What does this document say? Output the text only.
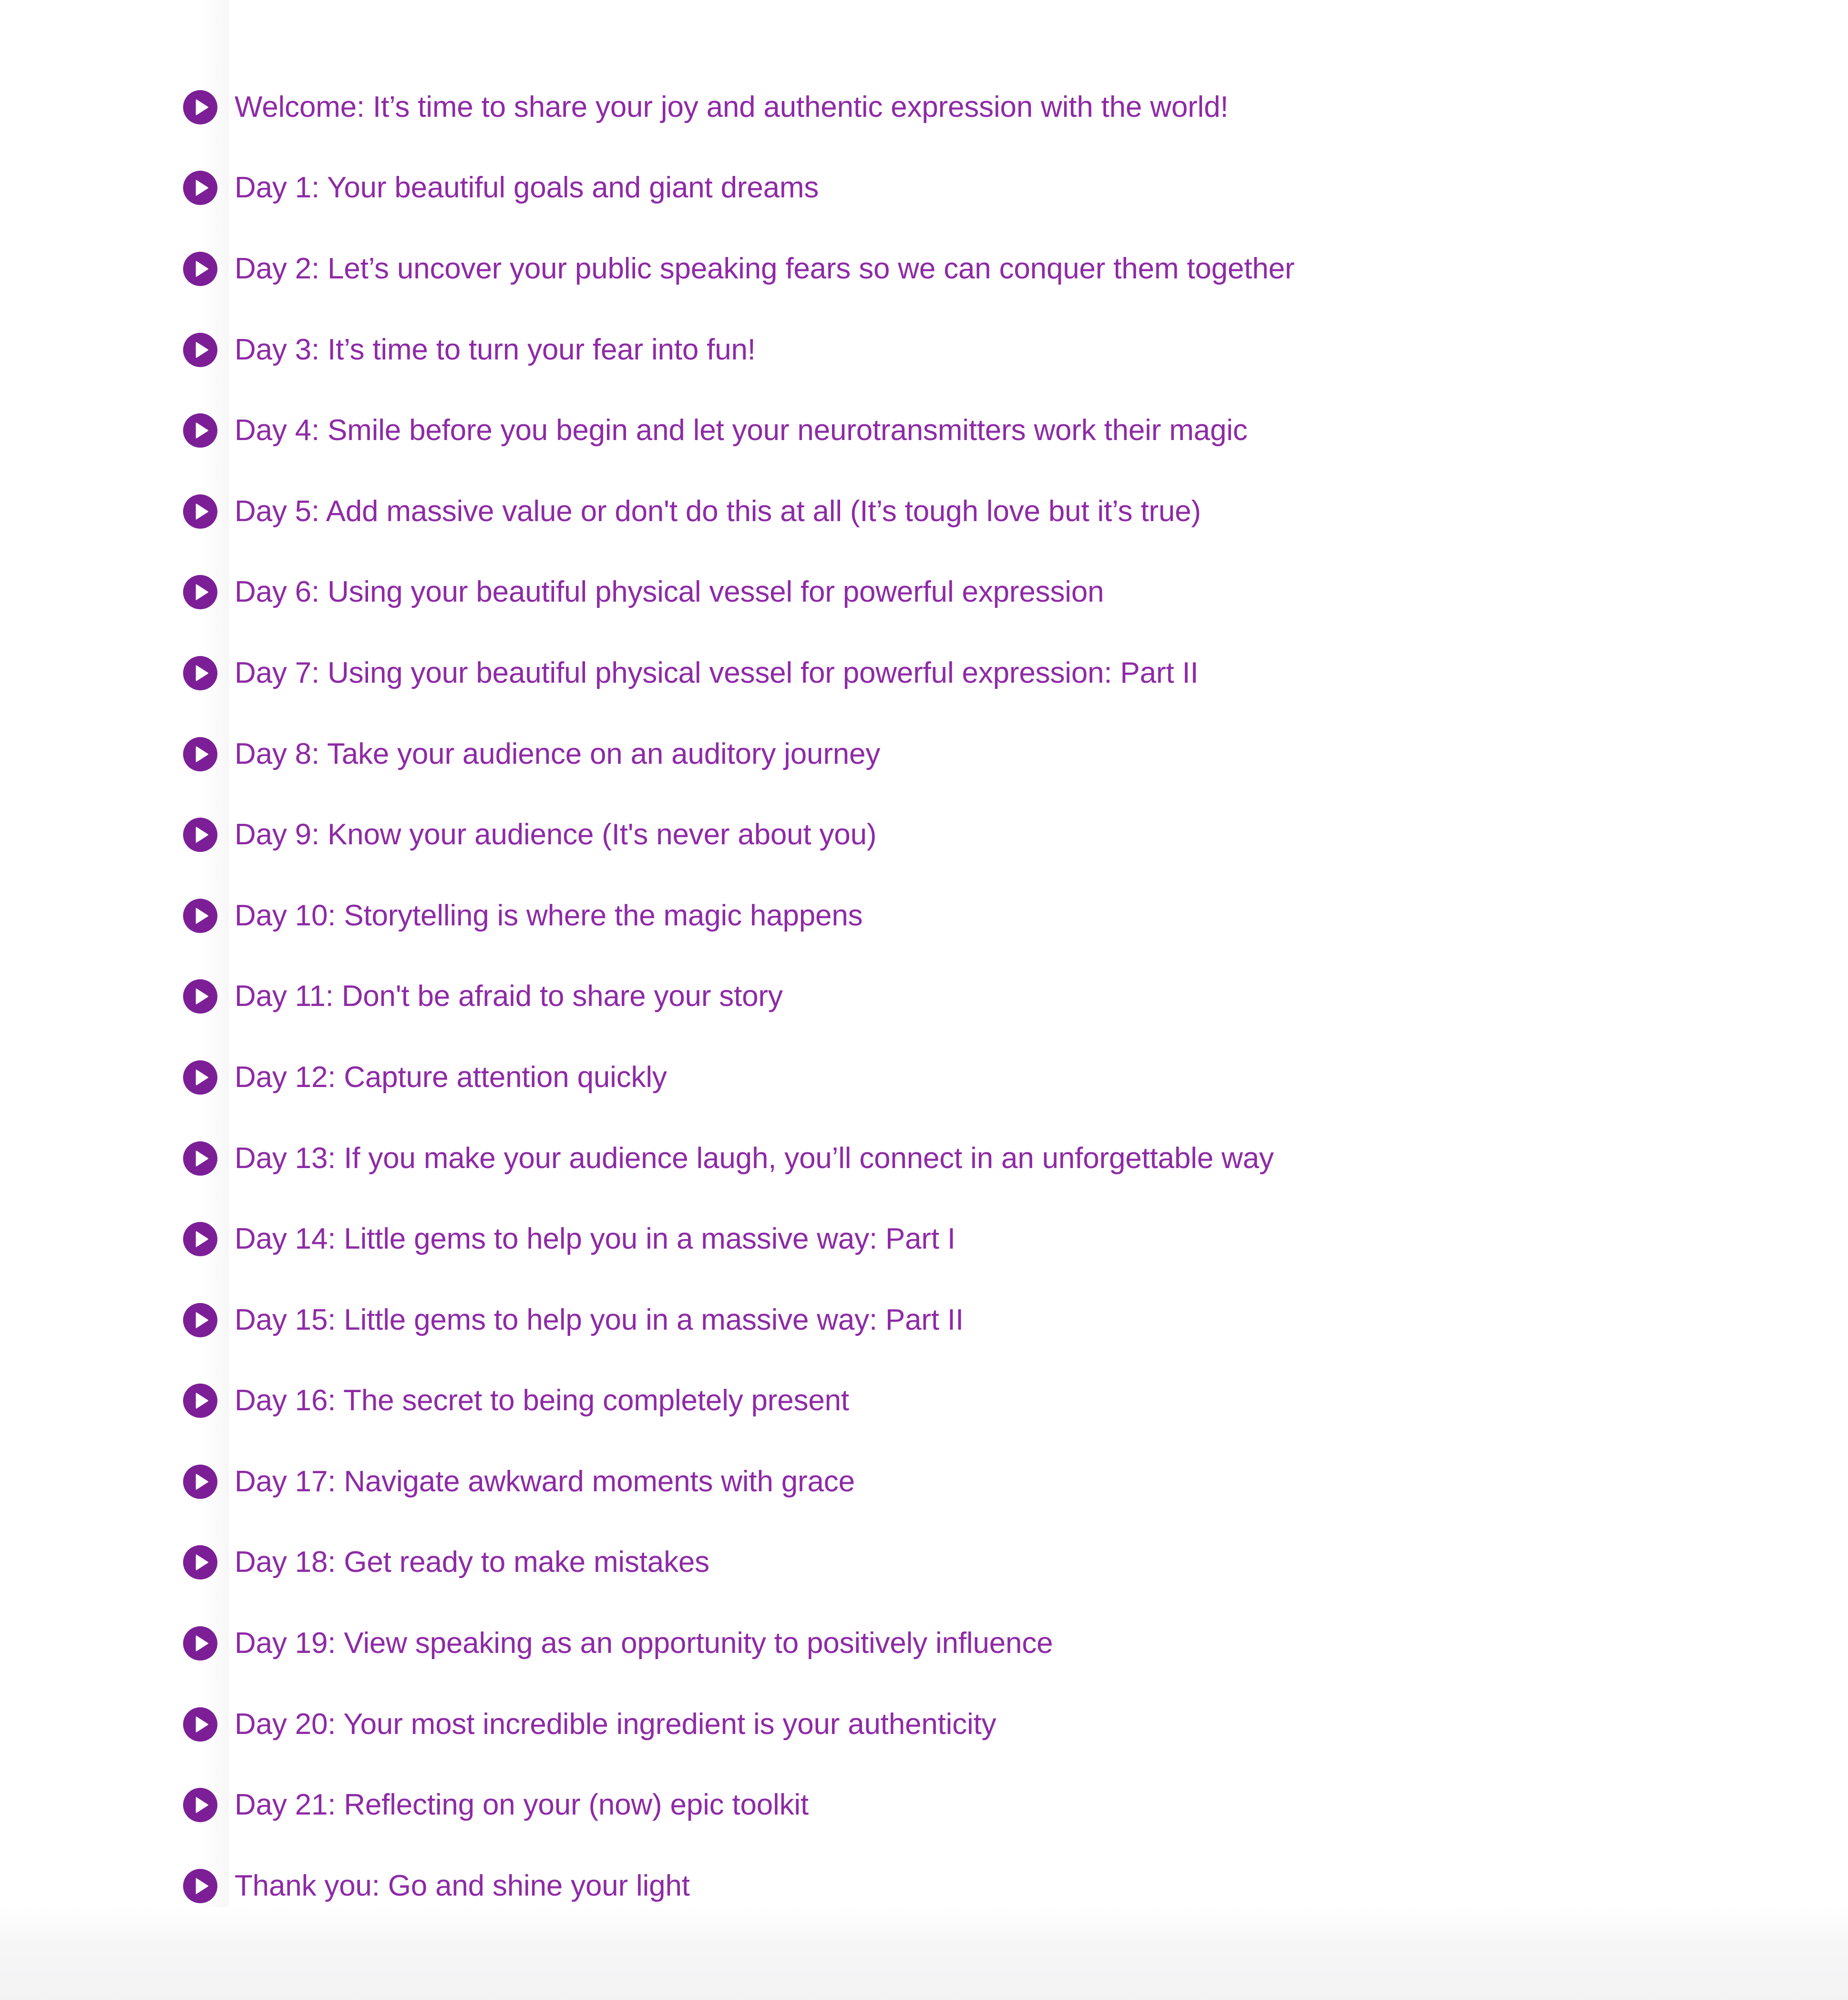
Welcome: It’s time to share your joy and authentic expression with the world!
Day 1: Your beautiful goals and giant dreams
Day 2: Let’s uncover your public speaking fears so we can conquer them together
Day 3: It’s time to turn your fear into fun!
Day 4: Smile before you begin and let your neurotransmitters work their magic
Day 5: Add massive value or don't do this at all (It’s tough love but it’s true)
Day 6: Using your beautiful physical vessel for powerful expression
Day 7: Using your beautiful physical vessel for powerful expression: Part II
Day 8: Take your audience on an auditory journey
Day 9: Know your audience (It's never about you)
Day 10: Storytelling is where the magic happens
Day 11: Don't be afraid to share your story
Day 12: Capture attention quickly
Day 13: If you make your audience laugh, you’ll connect in an unforgettable way
Day 14: Little gems to help you in a massive way: Part I
Day 15: Little gems to help you in a massive way: Part II
Day 16: The secret to being completely present
Day 17: Navigate awkward moments with grace
Day 18: Get ready to make mistakes
Day 19: View speaking as an opportunity to positively influence
Day 20: Your most incredible ingredient is your authenticity
Day 21: Reflecting on your (now) epic toolkit
Thank you: Go and shine your light
